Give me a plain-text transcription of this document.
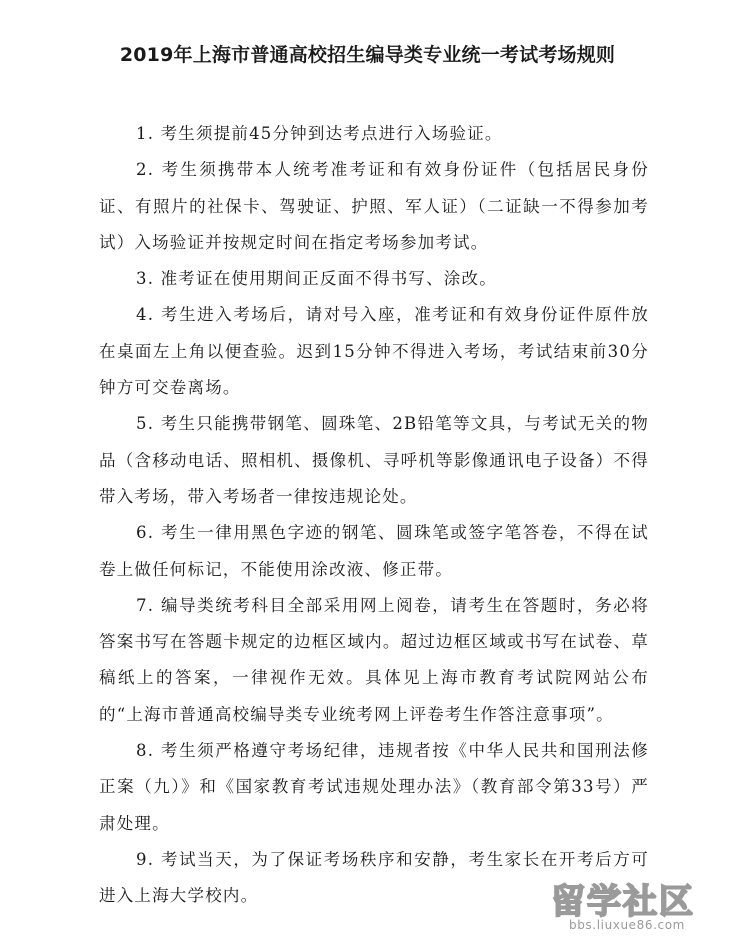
2019年上海市普通高校招生编导类专业统一考试考场规则

1. 考生须提前45分钟到达考点进行入场验证。

2. 考生须携带本人统考准考证和有效身份证件（包括居民身份证、有照片的社保卡、驾驶证、护照、军人证）（二证缺一不得参加考试）入场验证并按规定时间在指定考场参加考试。

3. 准考证在使用期间正反面不得书写、涂改。

4. 考生进入考场后，请对号入座，准考证和有效身份证件原件放在桌面左上角以便查验。迟到15分钟不得进入考场，考试结束前30分钟方可交卷离场。

5. 考生只能携带钢笔、圆珠笔、2B铅笔等文具，与考试无关的物品（含移动电话、照相机、摄像机、寻呼机等影像通讯电子设备）不得带入考场，带入考场者一律按违规论处。

6. 考生一律用黑色字迹的钢笔、圆珠笔或签字笔答卷，不得在试卷上做任何标记，不能使用涂改液、修正带。

7. 编导类统考科目全部采用网上阅卷，请考生在答题时，务必将答案书写在答题卡规定的边框区域内。超过边框区域或书写在试卷、草稿纸上的答案，一律视作无效。具体见上海市教育考试院网站公布的“上海市普通高校编导类专业统考网上评卷考生作答注意事项”。

8. 考生须严格遵守考场纪律，违规者按《中华人民共和国刑法修正案（九）》和《国家教育考试违规处理办法》（教育部令第33号）严肃处理。

9. 考试当天，为了保证考场秩序和安静，考生家长在开考后方可进入上海大学校内。	留学社区
bbs.liuxue86.com
